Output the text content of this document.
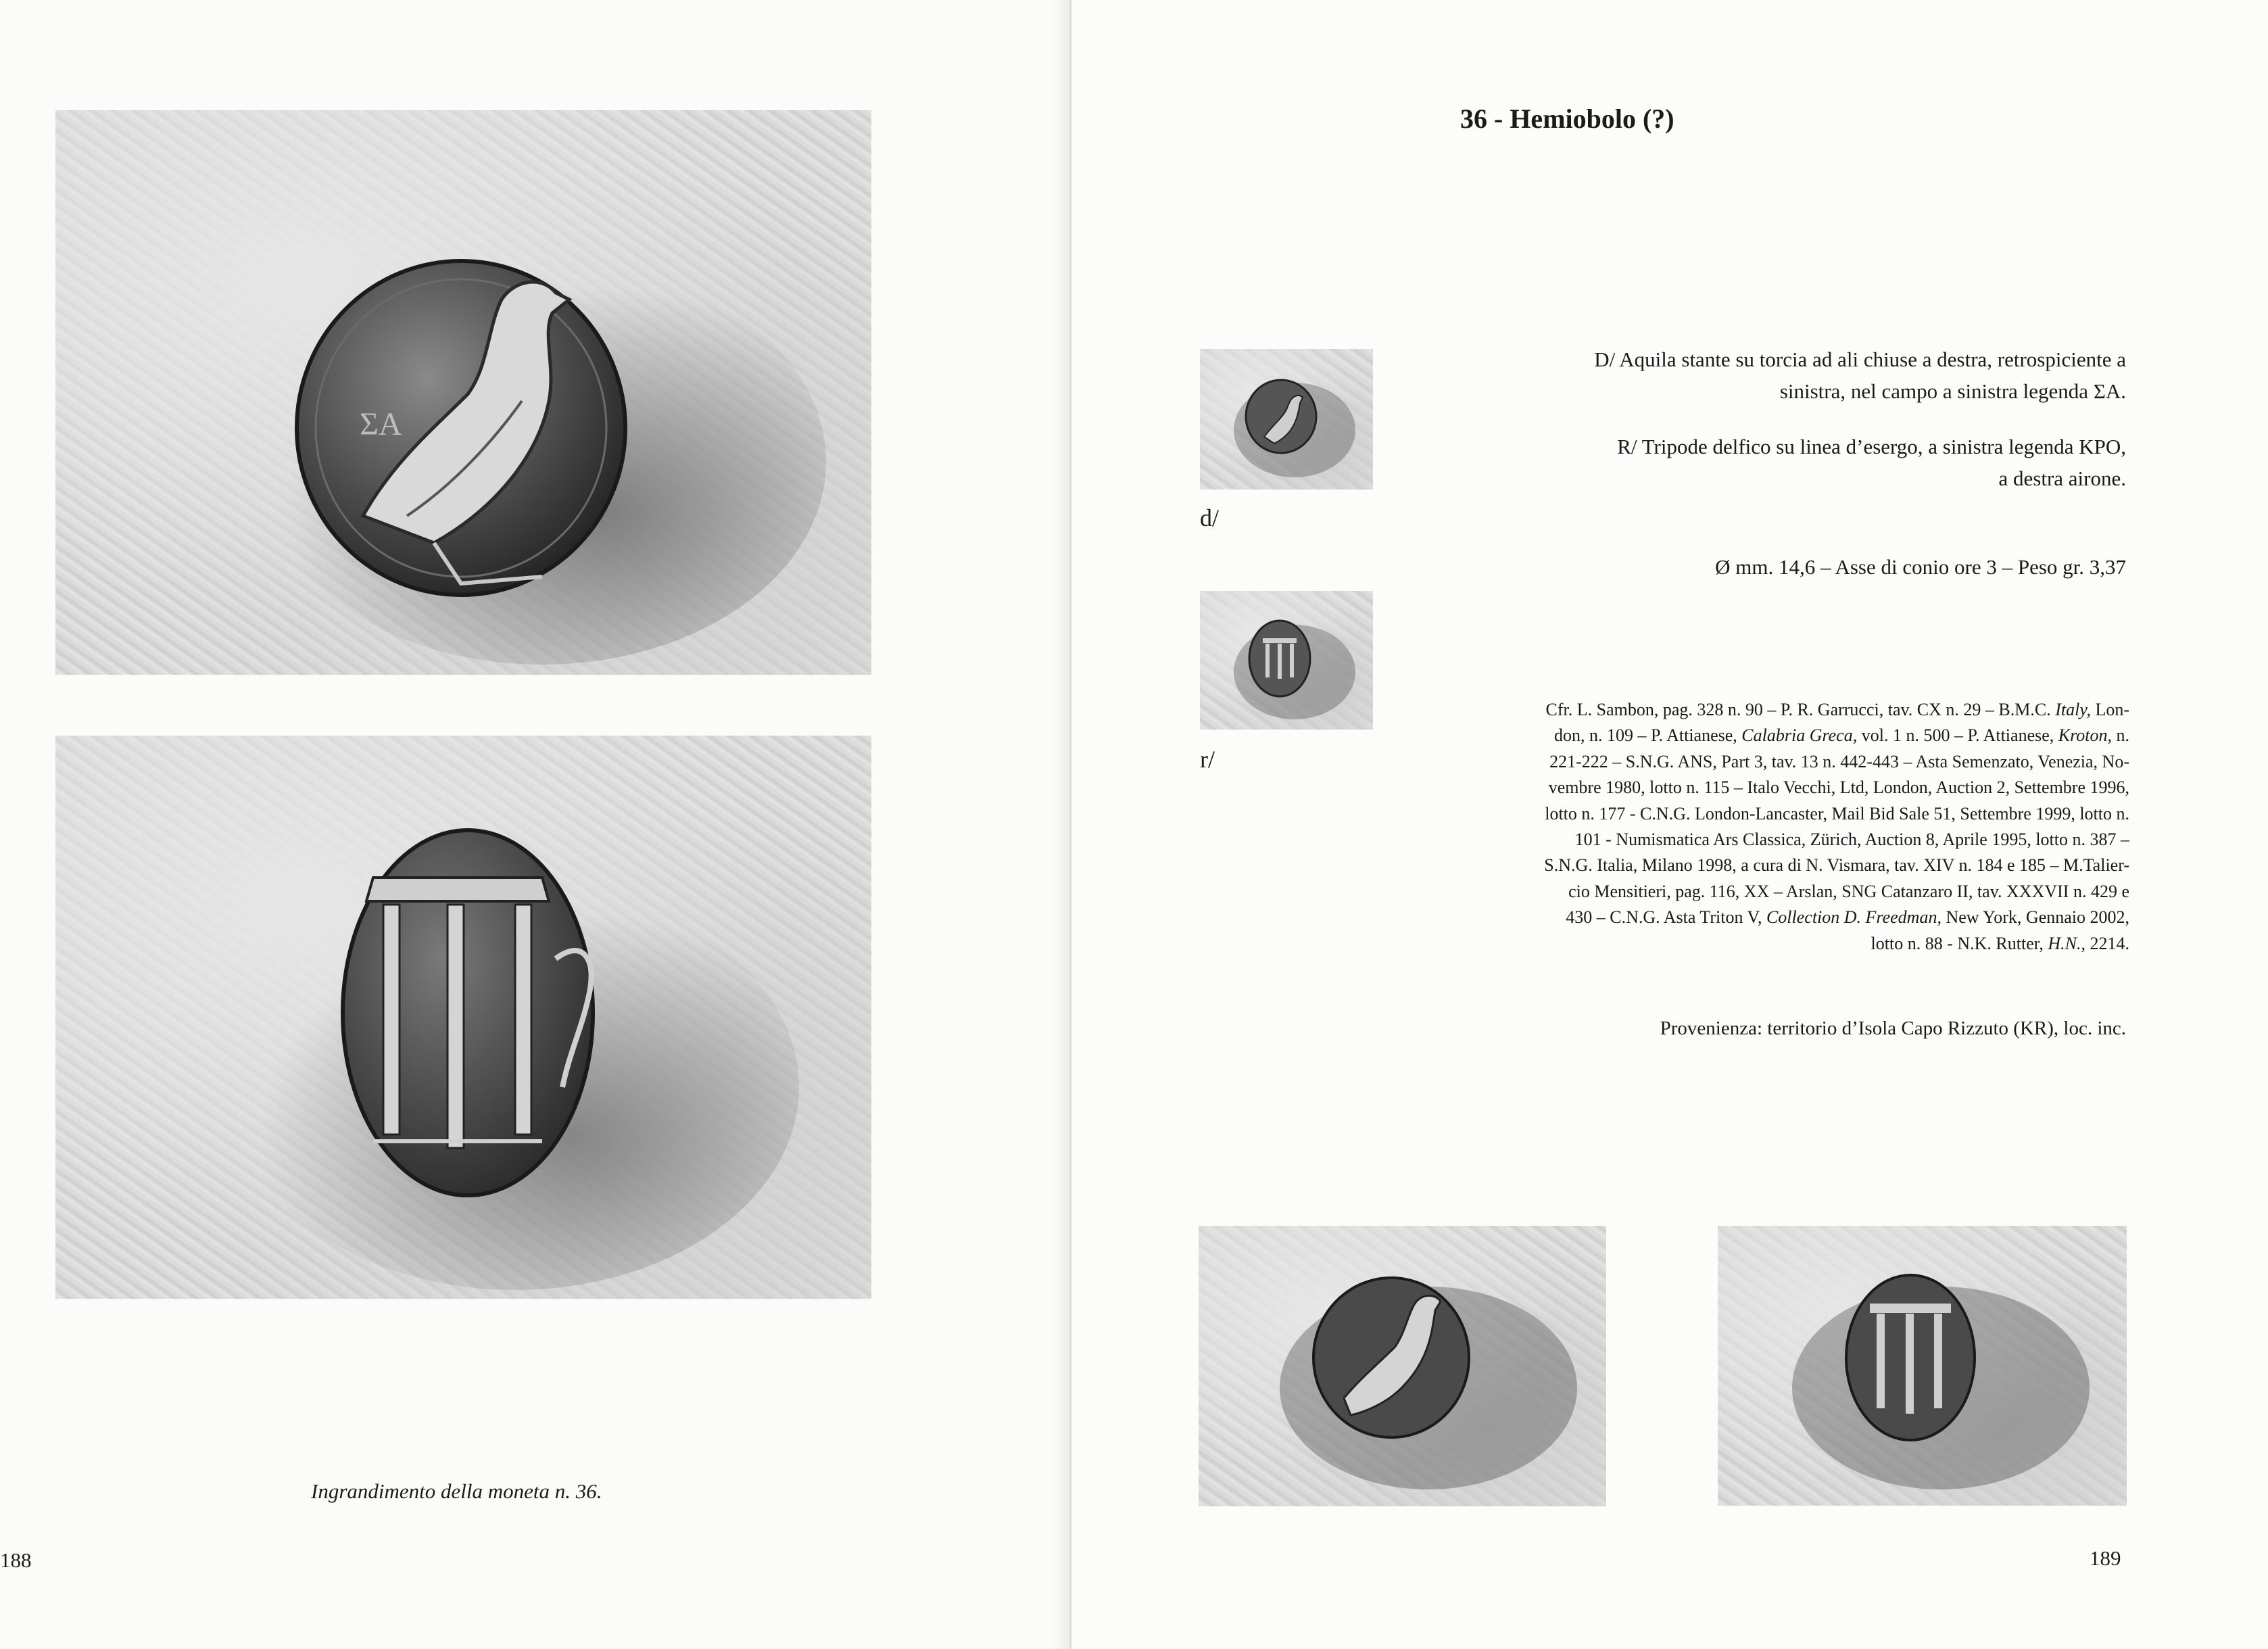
ΣA
Ingrandimento della moneta n. 36.
188
36 - Hemiobolo (?)
d/
r/
D/ Aquila stante su torcia ad ali chiuse a destra, retrospiciente a
sinistra, nel campo a sinistra legenda ΣA.
R/ Tripode delfico su linea d’esergo, a sinistra legenda KPO,
a destra airone.
Ø mm. 14,6 – Asse di conio ore 3 – Peso gr. 3,37
Cfr. L. Sambon, pag. 328 n. 90 – P. R. Garrucci, tav. CX n. 29 – B.M.C. Italy, Lon-
don, n. 109 – P. Attianese, Calabria Greca, vol. 1 n. 500 – P. Attianese, Kroton, n.
221-222 – S.N.G. ANS, Part 3, tav. 13 n. 442-443 – Asta Semenzato, Venezia, No-
vembre 1980, lotto n. 115 – Italo Vecchi, Ltd, London, Auction 2, Settembre 1996,
lotto n. 177 - C.N.G. London-Lancaster, Mail Bid Sale 51, Settembre 1999, lotto n.
101 - Numismatica Ars Classica, Zürich, Auction 8, Aprile 1995, lotto n. 387 –
S.N.G. Italia, Milano 1998, a cura di N. Vismara, tav. XIV n. 184 e 185 – M.Talier-
cio Mensitieri, pag. 116, XX – Arslan, SNG Catanzaro II, tav. XXXVII n. 429 e
430 – C.N.G. Asta Triton V, Collection D. Freedman, New York, Gennaio 2002,
lotto n. 88 - N.K. Rutter, H.N., 2214.
Provenienza: territorio d’Isola Capo Rizzuto (KR), loc. inc.
189
